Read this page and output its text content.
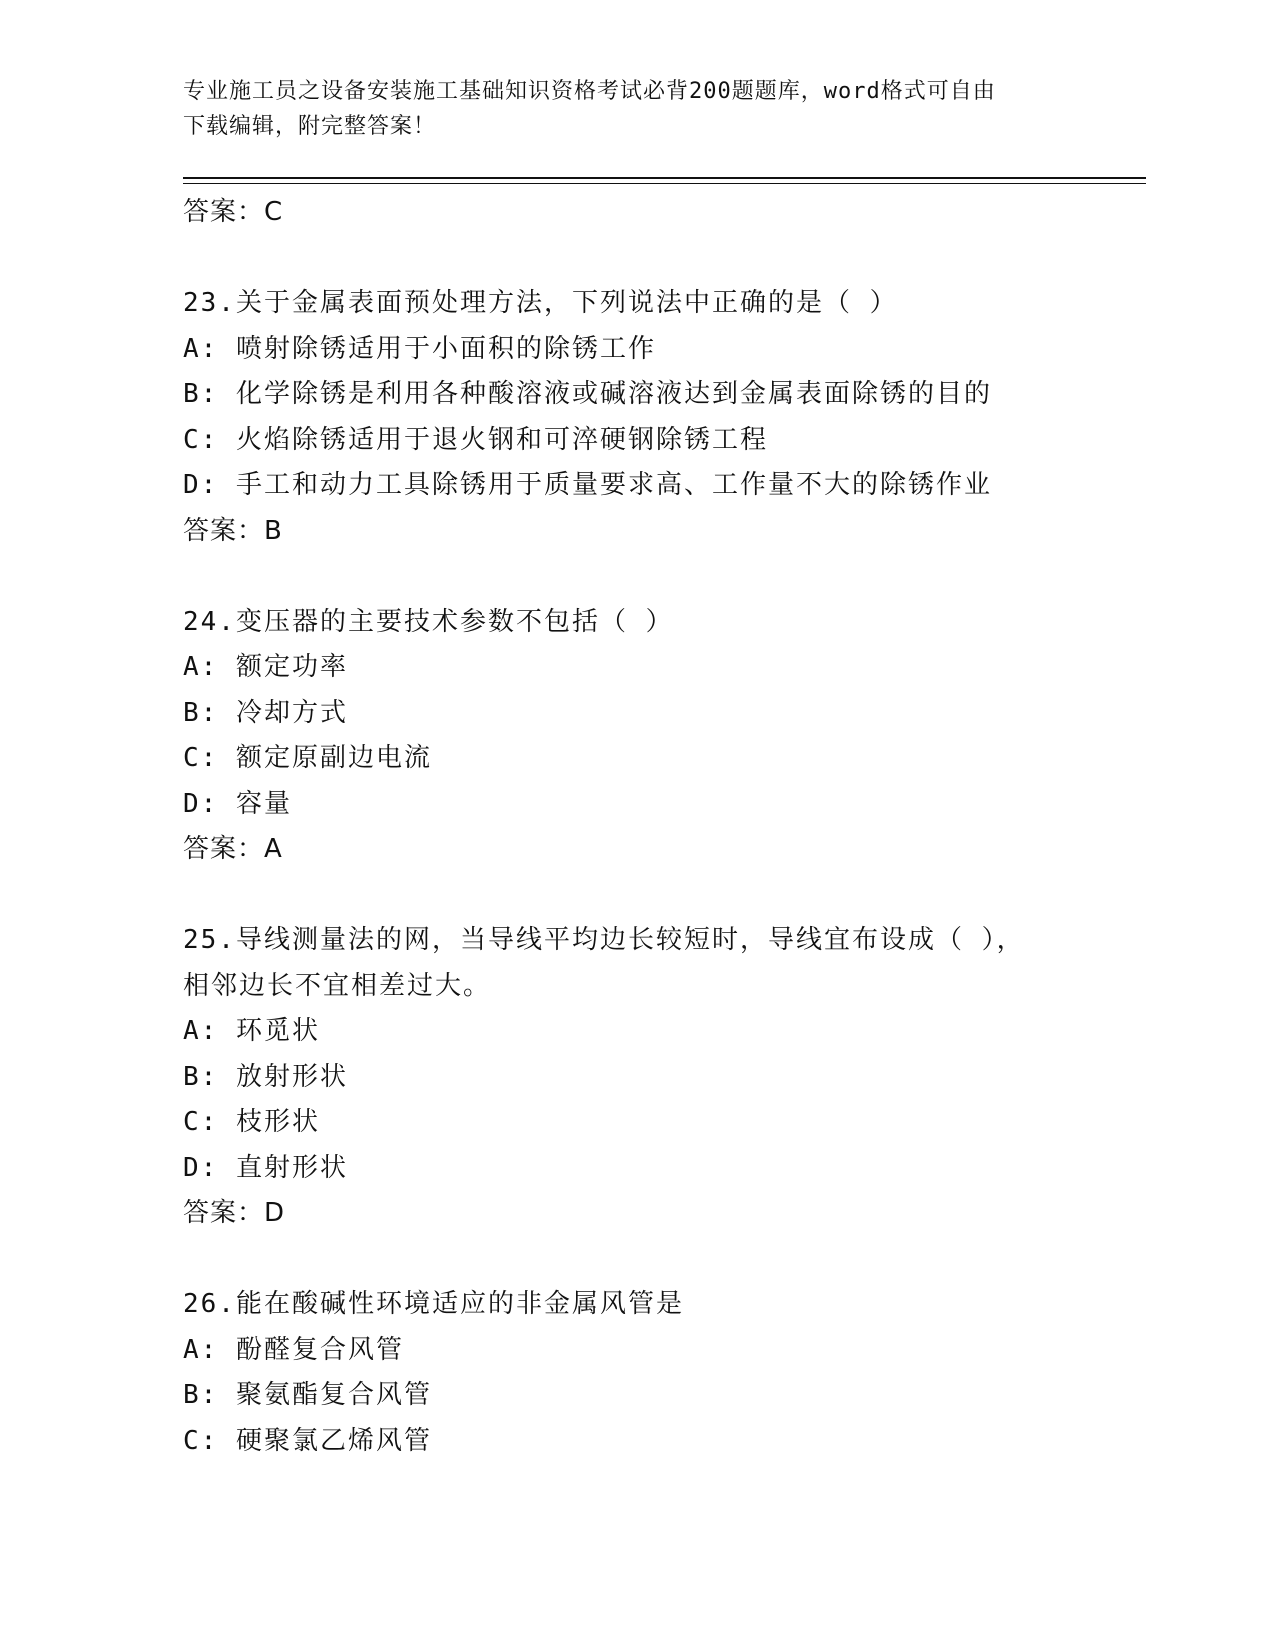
专业施工员之设备安装施工基础知识资格考试必背200题题库，word格式可自由
下载编辑，附完整答案！
答案：C
23.关于金属表面预处理方法，下列说法中正确的是（ ）
A: 喷射除锈适用于小面积的除锈工作
B: 化学除锈是利用各种酸溶液或碱溶液达到金属表面除锈的目的
C: 火焰除锈适用于退火钢和可淬硬钢除锈工程
D: 手工和动力工具除锈用于质量要求高、工作量不大的除锈作业
答案：B
24.变压器的主要技术参数不包括（ ）
A: 额定功率
B: 冷却方式
C: 额定原副边电流
D: 容量
答案：A
25.导线测量法的网，当导线平均边长较短时，导线宜布设成（ ），
相邻边长不宜相差过大。
A: 环觅状
B: 放射形状
C: 枝形状
D: 直射形状
答案：D
26.能在酸碱性环境适应的非金属风管是
A: 酚醛复合风管
B: 聚氨酯复合风管
C: 硬聚氯乙烯风管
